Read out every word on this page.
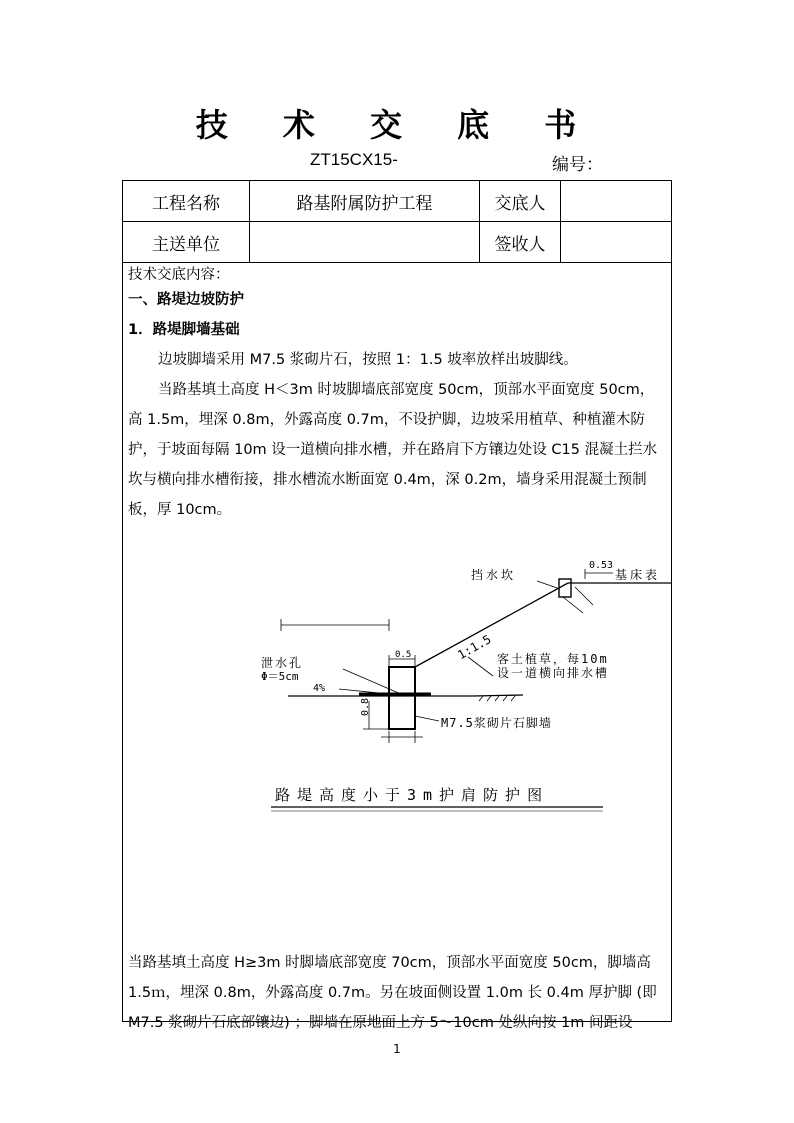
技 术 交 底 书
ZT15CX15-	编号：
工程名称	路基附属防护工程	交底人	
主送单位		签收人	

技术交底内容：

一、路堤边坡防护

1．路堤脚墙基础

边坡脚墙采用 M7.5 浆砌片石，按照 1：1.5 坡率放样出坡脚线。

当路基填土高度 H＜3m 时坡脚墙底部宽度 50cm，顶部水平面宽度 50cm，高 1.5m，埋深 0.8m，外露高度 0.7m，不设护脚，边坡采用植草、种植灌木防护，于坡面每隔 10m 设一道横向排水槽，并在路肩下方镶边处设 C15 混凝土拦水坎与横向排水槽衔接，排水槽流水断面宽 0.4m，深 0.2m，墙身采用混凝土预制板，厚 10cm。

挡水坎
0.53
基床表
1:1.5
泄水孔
Φ＝5cm
4%
0.5	客土植草，每10m
设一道横向排水槽
0.8
M7.5浆砌片石脚墙
路堤高度小于3m护肩防护图

当路基填土高度 H≥3m 时脚墙底部宽度 70cm，顶部水平面宽度 50cm，脚墙高 1.5ｍ，埋深 0.8m，外露高度 0.7m。另在坡面侧设置 1.0m 长 0.4m 厚护脚 (即 M7.5 浆砌片石底部镶边) ；脚墙在原地面上方 5～10cm 处纵向按 1m 间距设

1
